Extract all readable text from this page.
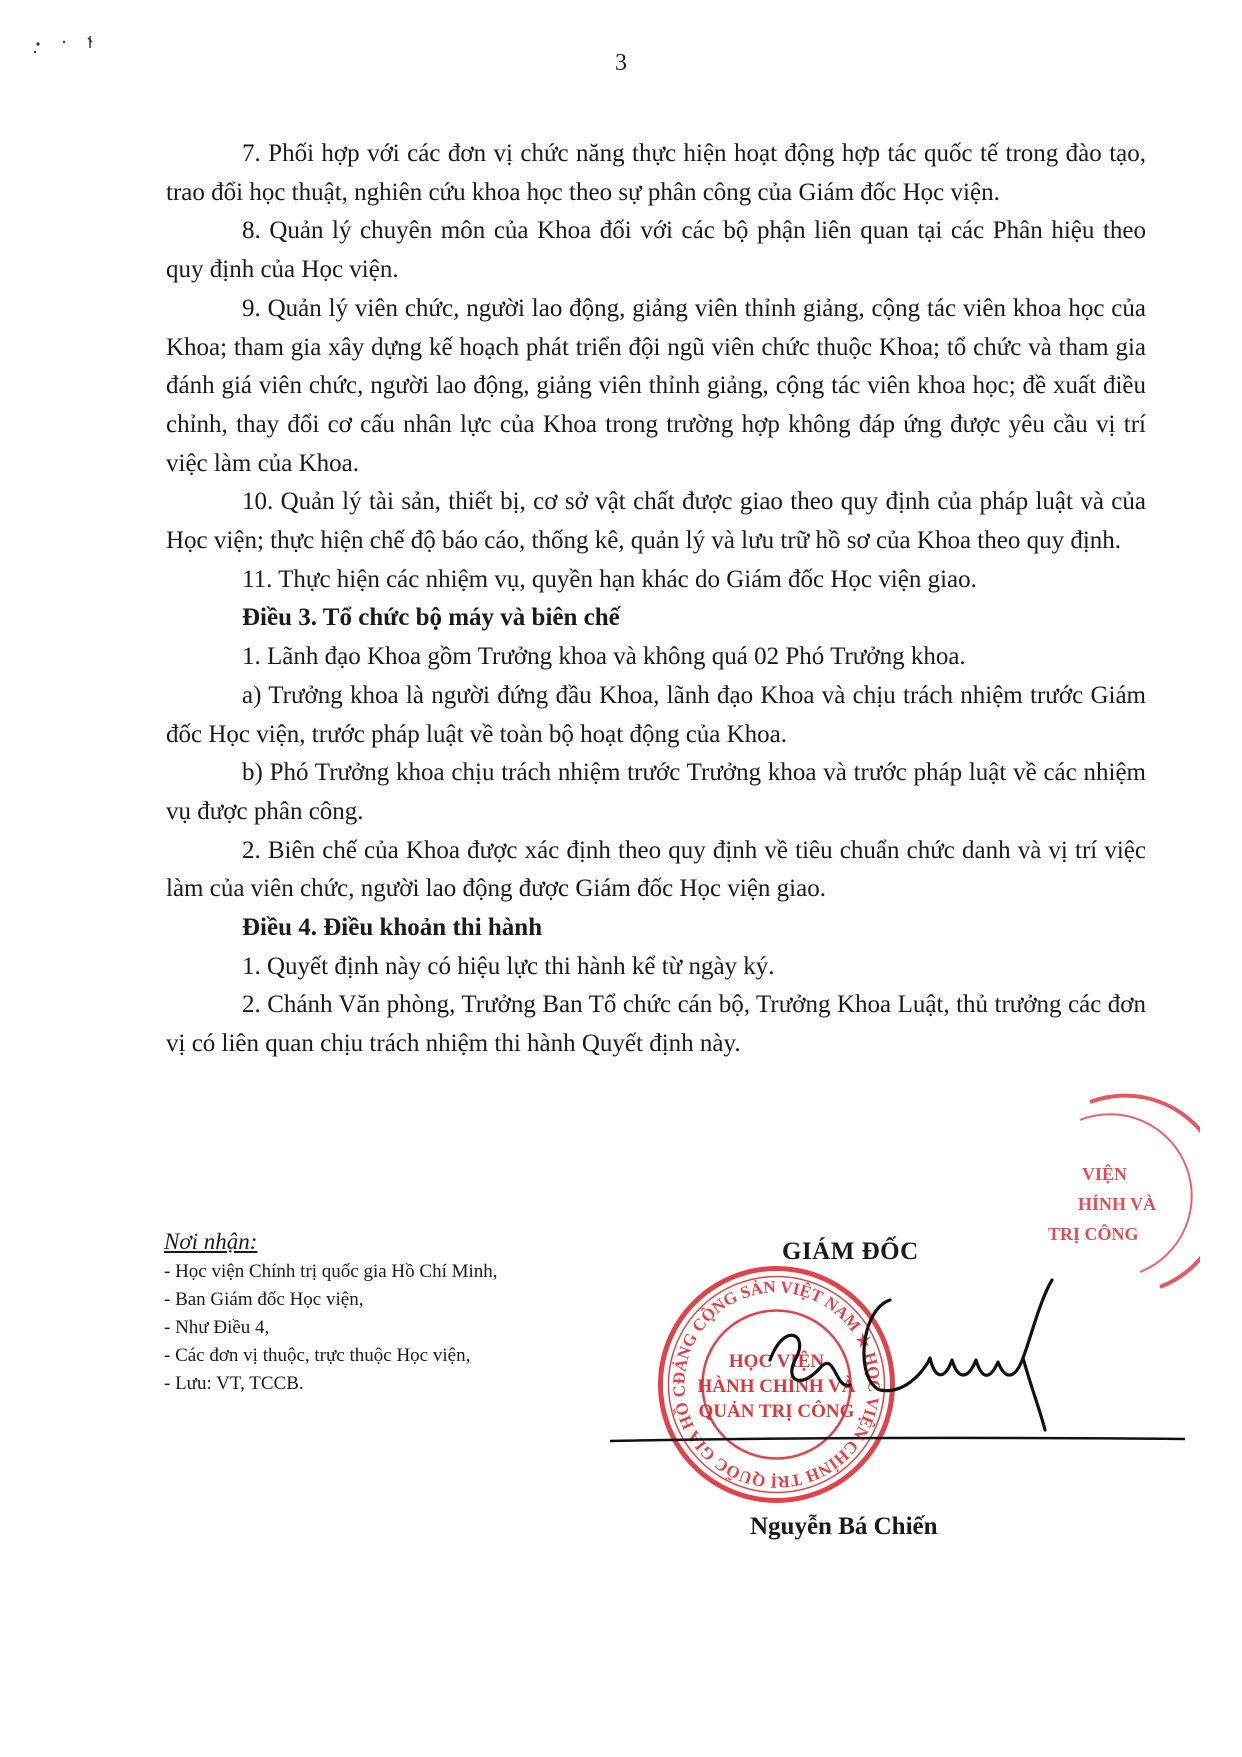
3

7. Phối hợp với các đơn vị chức năng thực hiện hoạt động hợp tác quốc tế trong đào tạo, trao đổi học thuật, nghiên cứu khoa học theo sự phân công của Giám đốc Học viện.

8. Quản lý chuyên môn của Khoa đối với các bộ phận liên quan tại các Phân hiệu theo quy định của Học viện.

9. Quản lý viên chức, người lao động, giảng viên thỉnh giảng, cộng tác viên khoa học của Khoa; tham gia xây dựng kế hoạch phát triển đội ngũ viên chức thuộc Khoa; tổ chức và tham gia đánh giá viên chức, người lao động, giảng viên thỉnh giảng, cộng tác viên khoa học; đề xuất điều chỉnh, thay đổi cơ cấu nhân lực của Khoa trong trường hợp không đáp ứng được yêu cầu vị trí việc làm của Khoa.

10. Quản lý tài sản, thiết bị, cơ sở vật chất được giao theo quy định của pháp luật và của Học viện; thực hiện chế độ báo cáo, thống kê, quản lý và lưu trữ hồ sơ của Khoa theo quy định.

11. Thực hiện các nhiệm vụ, quyền hạn khác do Giám đốc Học viện giao.

Điều 3. Tổ chức bộ máy và biên chế

1. Lãnh đạo Khoa gồm Trưởng khoa và không quá 02 Phó Trưởng khoa.

a) Trưởng khoa là người đứng đầu Khoa, lãnh đạo Khoa và chịu trách nhiệm trước Giám đốc Học viện, trước pháp luật về toàn bộ hoạt động của Khoa.

b) Phó Trưởng khoa chịu trách nhiệm trước Trưởng khoa và trước pháp luật về các nhiệm vụ được phân công.

2. Biên chế của Khoa được xác định theo quy định về tiêu chuẩn chức danh và vị trí việc làm của viên chức, người lao động được Giám đốc Học viện giao.

Điều 4. Điều khoản thi hành

1. Quyết định này có hiệu lực thi hành kể từ ngày ký.

2. Chánh Văn phòng, Trưởng Ban Tổ chức cán bộ, Trưởng Khoa Luật, thủ trưởng các đơn vị có liên quan chịu trách nhiệm thi hành Quyết định này.

Nơi nhận:
- Học viện Chính trị quốc gia Hồ Chí Minh,
- Ban Giám đốc Học viện,
- Như Điều 4,
- Các đơn vị thuộc, trực thuộc Học viện,
- Lưu: VT, TCCB.
GIÁM ĐỐC
VIỆN
HÍNH VÀ
TRỊ CÔNG
ĐẢNG CỘNG SẢN VIỆT NAM ★ HỌC VIỆN CHÍNH TRỊ QUỐC GIA HỒ C
HỌC VIỆN
HÀNH CHÍNH VÀ
QUẢN TRỊ CÔNG
Nguyễn Bá Chiến
